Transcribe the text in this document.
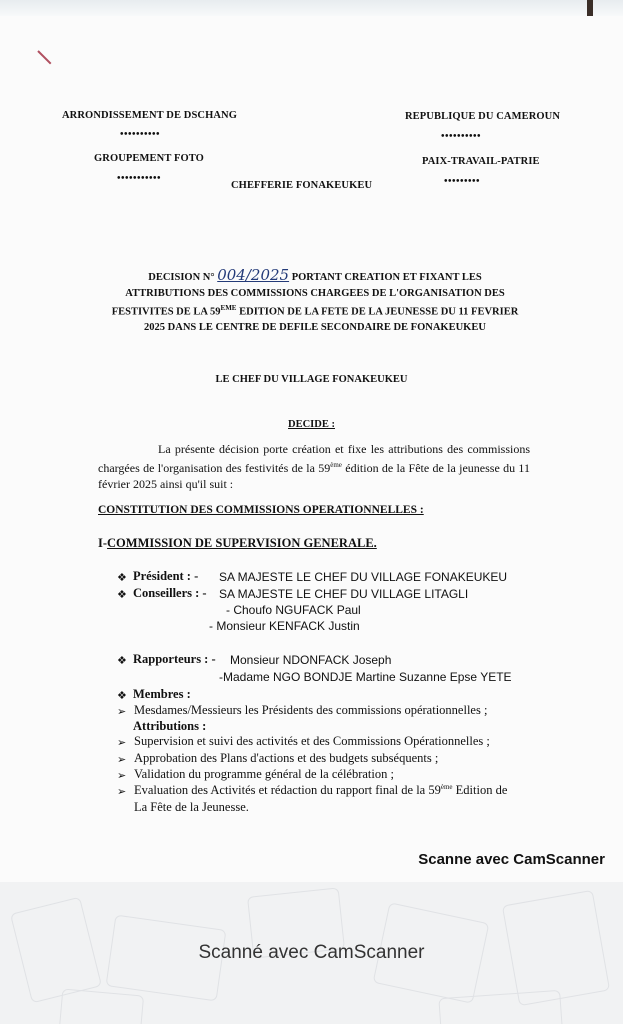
ARRONDISSEMENT DE DSCHANG
••••••••••
GROUPEMENT FOTO
•••••••••••
REPUBLIQUE DU CAMEROUN
••••••••••
PAIX-TRAVAIL-PATRIE
•••••••••
CHEFFERIE FONAKEUKEU
DECISION N° 004/2025 PORTANT CREATION ET FIXANT LES
ATTRIBUTIONS DES COMMISSIONS CHARGEES DE L'ORGANISATION DES
FESTIVITES DE LA 59EME EDITION DE LA FETE DE LA JEUNESSE DU 11 FEVRIER
2025 DANS LE CENTRE DE DEFILE SECONDAIRE DE FONAKEUKEU
LE CHEF DU VILLAGE FONAKEUKEU
DECIDE :
La présente décision porte création et fixe les attributions des commissions chargées de l'organisation des festivités de la 59ème édition de la Fête de la jeunesse du 11 février 2025 ainsi qu'il suit :
CONSTITUTION DES COMMISSIONS OPERATIONNELLES :
I-COMMISSION DE SUPERVISION GENERALE.
❖ Président : - SA MAJESTE LE CHEF DU VILLAGE FONAKEUKEU
❖ Conseillers : - SA MAJESTE LE CHEF DU VILLAGE LITAGLI
- Choufo NGUFACK Paul
- Monsieur KENFACK Justin
❖ Rapporteurs : - Monsieur NDONFACK Joseph
-Madame NGO BONDJE Martine Suzanne Epse YETE
❖ Membres :
➢ Mesdames/Messieurs les Présidents des commissions opérationnelles ;
Attributions :
➢ Supervision et suivi des activités et des Commissions Opérationnelles ;
➢ Approbation des Plans d'actions et des budgets subséquents ;
➢ Validation du programme général de la célébration ;
➢ Evaluation des Activités et rédaction du rapport final de la 59ème Edition de
La Fête de la Jeunesse.
Scanne avec CamScanner
Scanné avec CamScanner
